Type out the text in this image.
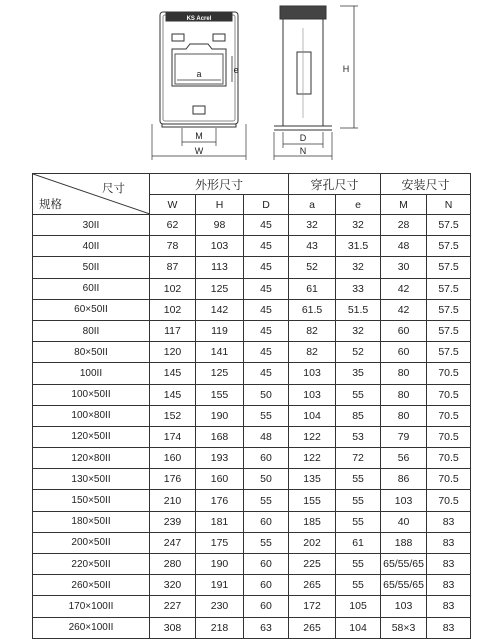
KS Acrel
a	e
M
W
H
D
N
尺寸
规格	外形尺寸			穿孔尺寸		安装尺寸	
	W	H	D	a	e	M	N
30II	62	98	45	32	32	28	57.5
40II	78	103	45	43	31.5	48	57.5
50II	87	113	45	52	32	30	57.5
60II	102	125	45	61	33	42	57.5
60×50II	102	142	45	61.5	51.5	42	57.5
80II	117	119	45	82	32	60	57.5
80×50II	120	141	45	82	52	60	57.5
100II	145	125	45	103	35	80	70.5
100×50II	145	155	50	103	55	80	70.5
100×80II	152	190	55	104	85	80	70.5
120×50II	174	168	48	122	53	79	70.5
120×80II	160	193	60	122	72	56	70.5
130×50II	176	160	50	135	55	86	70.5
150×50II	210	176	55	155	55	103	70.5
180×50II	239	181	60	185	55	40	83
200×50II	247	175	55	202	61	188	83
220×50II	280	190	60	225	55	65/55/65	83
260×50II	320	191	60	265	55	65/55/65	83
170×100II	227	230	60	172	105	103	83
260×100II	308	218	63	265	104	58×3	83
